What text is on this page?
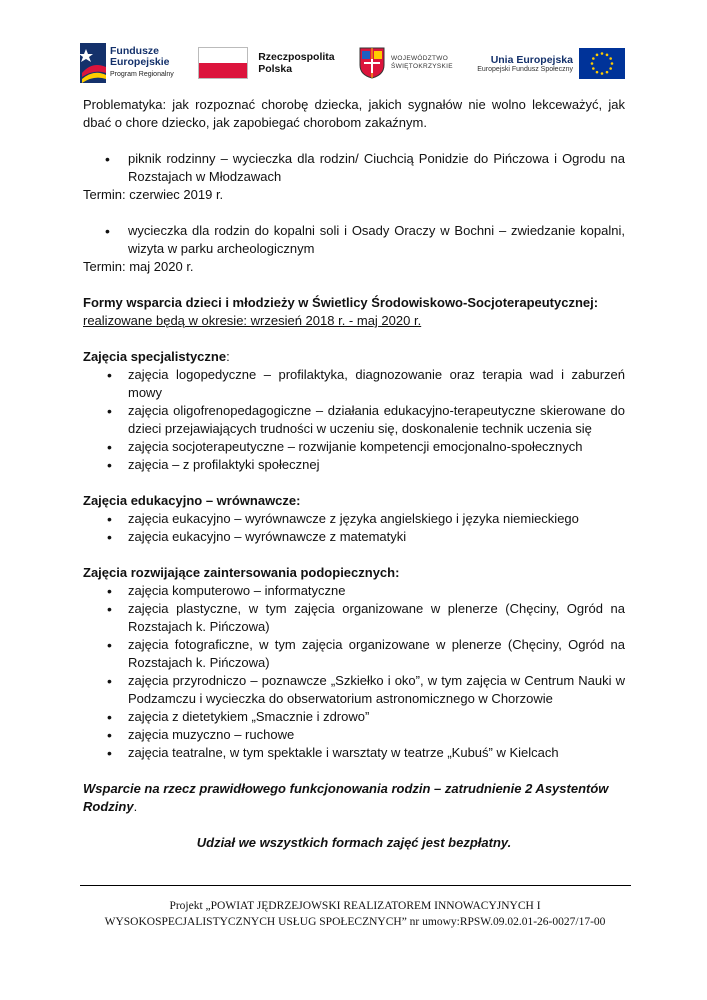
Fundusze
Europejskie
Program Regionalny
Rzeczpospolita
Polska
WOJEWÓDZTWO
ŚWIĘTOKRZYSKIE
Unia Europejska
Europejski Fundusz Społeczny

Problematyka: jak rozpoznać chorobę dziecka, jakich sygnałów nie wolno lekceważyć, jak dbać o chore dziecko, jak zapobiegać chorobom zakaźnym.

• piknik rodzinny – wycieczka dla rodzin/ Ciuchcią Ponidzie do Pińczowa i Ogrodu na Rozstajach w Młodzawach

Termin: czerwiec 2019 r.

• wycieczka dla rodzin do kopalni soli i Osady Oraczy w Bochni – zwiedzanie kopalni, wizyta w parku archeologicznym

Termin: maj 2020 r.

Formy wsparcia dzieci i młodzieży w Świetlicy Środowiskowo-Socjoterapeutycznej:

realizowane będą w okresie: wrzesień 2018 r. - maj 2020 r.

Zajęcia specjalistyczne:

• zajęcia logopedyczne – profilaktyka, diagnozowanie oraz terapia wad i zaburzeń mowy
• zajęcia oligofrenopedagogiczne – działania edukacyjno-terapeutyczne skierowane do dzieci przejawiających trudności w uczeniu się, doskonalenie technik uczenia się
• zajęcia socjoterapeutyczne – rozwijanie kompetencji emocjonalno-społecznych
• zajęcia – z profilaktyki społecznej

Zajęcia edukacyjno – wrównawcze:

• zajęcia eukacyjno – wyrównawcze z języka angielskiego i języka niemieckiego
• zajęcia eukacyjno – wyrównawcze z matematyki

Zajęcia rozwijające zaintersowania podopiecznych:

• zajęcia komputerowo – informatyczne
• zajęcia plastyczne, w tym zajęcia organizowane w plenerze (Chęciny, Ogród na Rozstajach k. Pińczowa)
• zajęcia fotograficzne, w tym zajęcia organizowane w plenerze (Chęciny, Ogród na Rozstajach k. Pińczowa)
• zajęcia przyrodniczo – poznawcze „Szkiełko i oko”, w tym zajęcia w Centrum Nauki w Podzamczu i wycieczka do obserwatorium astronomicznego w Chorzowie
• zajęcia z dietetykiem „Smacznie i zdrowo”
• zajęcia muzyczno – ruchowe
• zajęcia teatralne, w tym spektakle i warsztaty w teatrze „Kubuś” w Kielcach

Wsparcie na rzecz prawidłowego funkcjonowania rodzin – zatrudnienie 2 Asystentów Rodziny.

Udział we wszystkich formach zajęć jest bezpłatny.

Projekt „POWIAT JĘDRZEJOWSKI REALIZATOREM INNOWACYJNYCH I
WYSOKOSPECJALISTYCZNYCH USŁUG SPOŁECZNYCH” nr umowy:RPSW.09.02.01-26-0027/17-00
